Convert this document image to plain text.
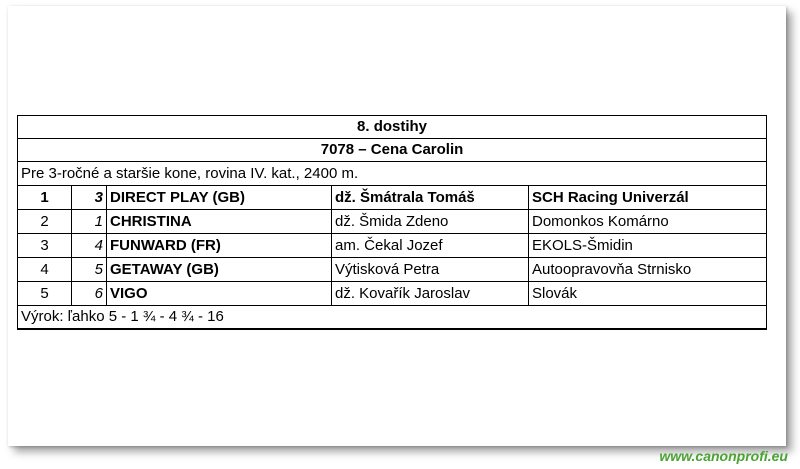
8. dostihy				
7078 – Cena Carolin				
Pre 3-ročné a staršie kone, rovina IV. kat., 2400 m.				
1	3	DIRECT PLAY (GB)	dž. Šmátrala Tomáš	SCH Racing Univerzál
2	1	CHRISTINA	dž. Šmida Zdeno	Domonkos Komárno
3	4	FUNWARD (FR)	am. Čekal Jozef	EKOLS-Šmidin
4	5	GETAWAY (GB)	Výtisková Petra	Autoopravovňa Strnisko
5	6	VIGO	dž. Kovařík Jaroslav	Slovák
Výrok: ľahko 5 - 1 ¾ - 4 ¾ - 16				
www.canonprofi.eu
